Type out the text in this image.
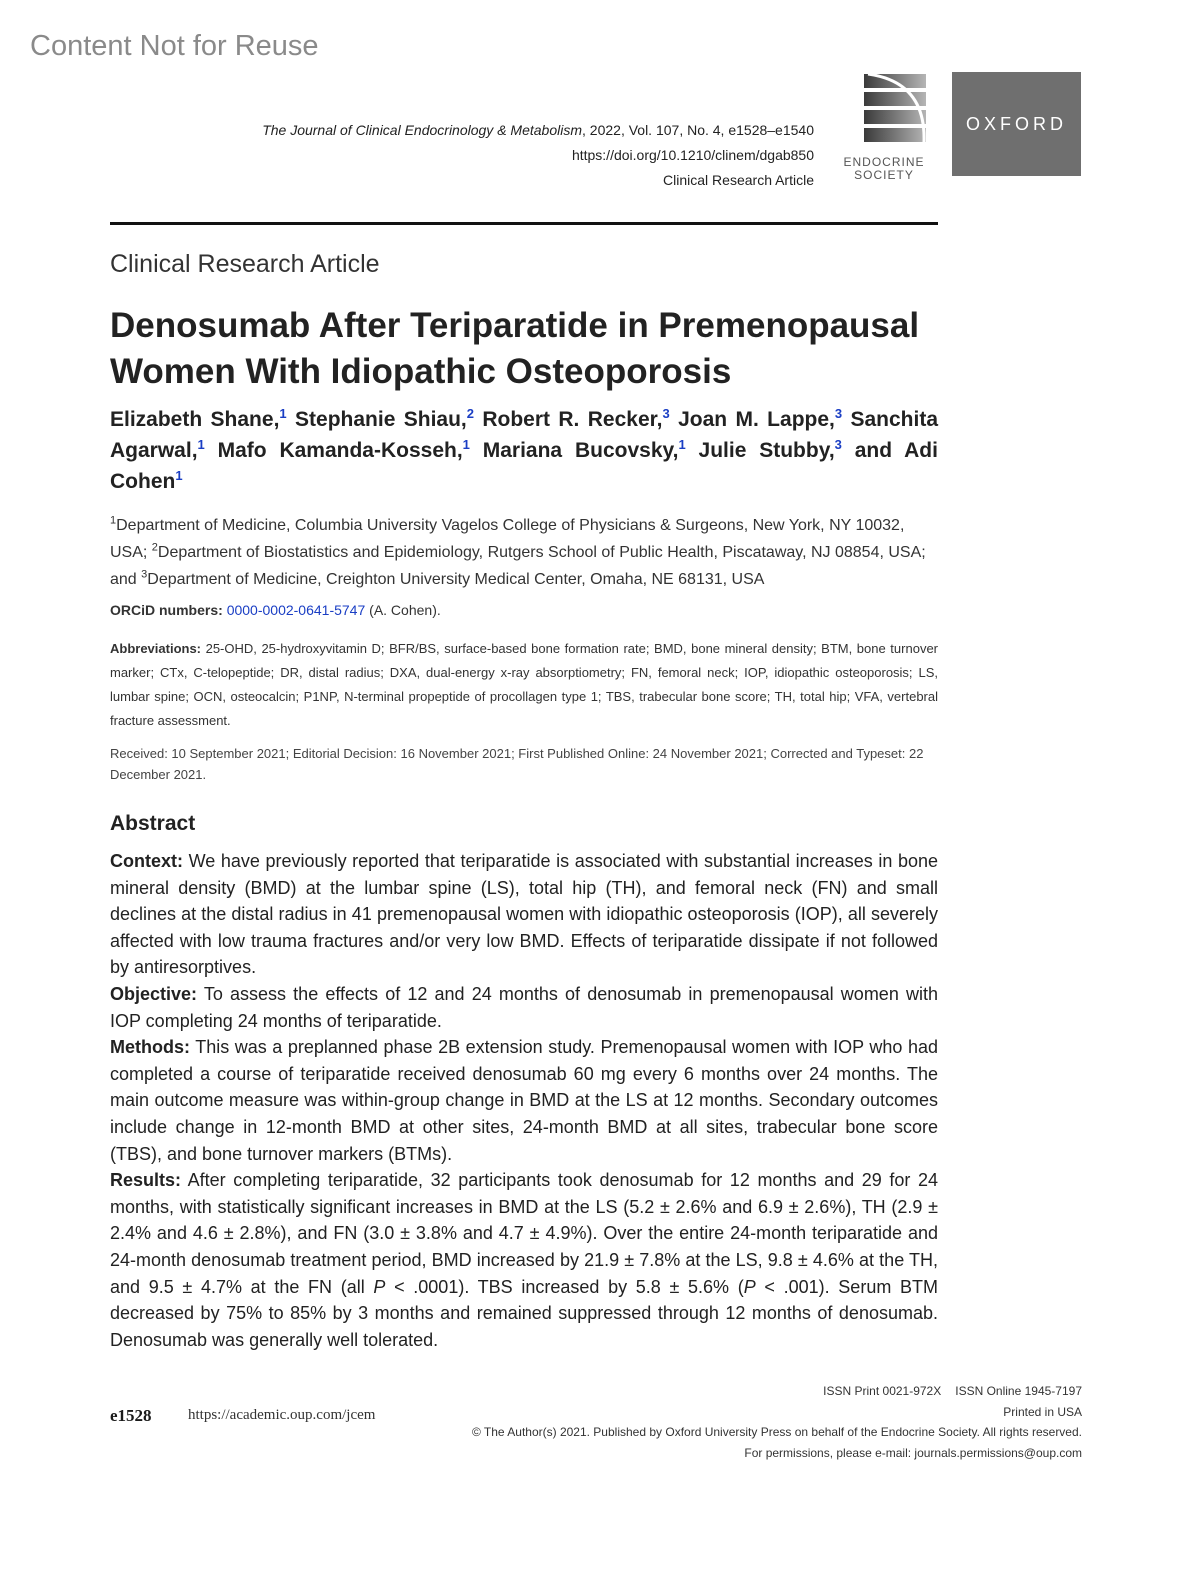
Content Not for Reuse
The Journal of Clinical Endocrinology & Metabolism, 2022, Vol. 107, No. 4, e1528–e1540
https://doi.org/10.1210/clinem/dgab850
Clinical Research Article
ENDOCRINE
SOCIETY
OXFORD
Clinical Research Article
Denosumab After Teriparatide in Premenopausal Women With Idiopathic Osteoporosis
Elizabeth Shane,$^1$ Stephanie Shiau,$^2$ Robert R. Recker,$^3$ Joan M. Lappe,$^3$ Sanchita Agarwal,$^1$ Mafo Kamanda-Kosseh,$^1$ Mariana Bucovsky,$^1$ Julie Stubby,$^3$ and Adi Cohen$^1$
$^1$Department of Medicine, Columbia University Vagelos College of Physicians & Surgeons, New York, NY 10032, USA; $^2$Department of Biostatistics and Epidemiology, Rutgers School of Public Health, Piscataway, NJ 08854, USA; and $^3$Department of Medicine, Creighton University Medical Center, Omaha, NE 68131, USA
ORCiD numbers: 0000-0002-0641-5747 (A. Cohen).
Abbreviations: 25-OHD, 25-hydroxyvitamin D; BFR/BS, surface-based bone formation rate; BMD, bone mineral density; BTM, bone turnover marker; CTx, C-telopeptide; DR, distal radius; DXA, dual-energy x-ray absorptiometry; FN, femoral neck; IOP, idiopathic osteoporosis; LS, lumbar spine; OCN, osteocalcin; P1NP, N-terminal propeptide of procollagen type 1; TBS, trabecular bone score; TH, total hip; VFA, vertebral fracture assessment.
Received: 10 September 2021; Editorial Decision: 16 November 2021; First Published Online: 24 November 2021; Corrected and Typeset: 22 December 2021.
Abstract

Context: We have previously reported that teriparatide is associated with substantial increases in bone mineral density (BMD) at the lumbar spine (LS), total hip (TH), and femoral neck (FN) and small declines at the distal radius in 41 premenopausal women with idiopathic osteoporosis (IOP), all severely affected with low trauma fractures and/or very low BMD. Effects of teriparatide dissipate if not followed by antiresorptives.

Objective: To assess the effects of 12 and 24 months of denosumab in premenopausal women with IOP completing 24 months of teriparatide.

Methods: This was a preplanned phase 2B extension study. Premenopausal women with IOP who had completed a course of teriparatide received denosumab 60 mg every 6 months over 24 months. The main outcome measure was within-group change in BMD at the LS at 12 months. Secondary outcomes include change in 12-month BMD at other sites, 24-month BMD at all sites, trabecular bone score (TBS), and bone turnover markers (BTMs).

Results: After completing teriparatide, 32 participants took denosumab for 12 months and 29 for 24 months, with statistically significant increases in BMD at the LS (5.2 ± 2.6% and 6.9 ± 2.6%), TH (2.9 ± 2.4% and 4.6 ± 2.8%), and FN (3.0 ± 3.8% and 4.7 ± 4.9%). Over the entire 24-month teriparatide and 24-month denosumab treatment period, BMD increased by 21.9 ± 7.8% at the LS, 9.8 ± 4.6% at the TH, and 9.5 ± 4.7% at the FN (all P < .0001). TBS increased by 5.8 ± 5.6% (P < .001). Serum BTM decreased by 75% to 85% by 3 months and remained suppressed through 12 months of denosumab. Denosumab was generally well tolerated.

e1528 https://academic.oup.com/jcem
ISSN Print 0021-972X ISSN Online 1945-7197
Printed in USA
© The Author(s) 2021. Published by Oxford University Press on behalf of the Endocrine Society. All rights reserved.
For permissions, please e-mail: journals.permissions@oup.com
